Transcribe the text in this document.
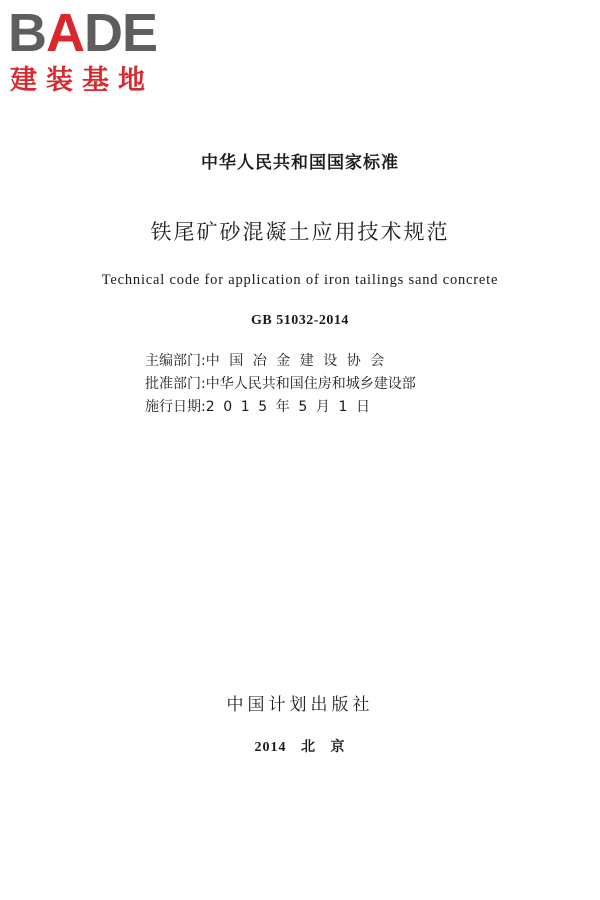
BADE
建装基地
中华人民共和国国家标准
铁尾矿砂混凝土应用技术规范
Technical code for application of iron tailings sand concrete
GB 51032-2014
主编部门: 中国冶金建设协会
批准部门: 中华人民共和国住房和城乡建设部
施行日期: 2015年5月1日
中国计划出版社
2014 北 京
